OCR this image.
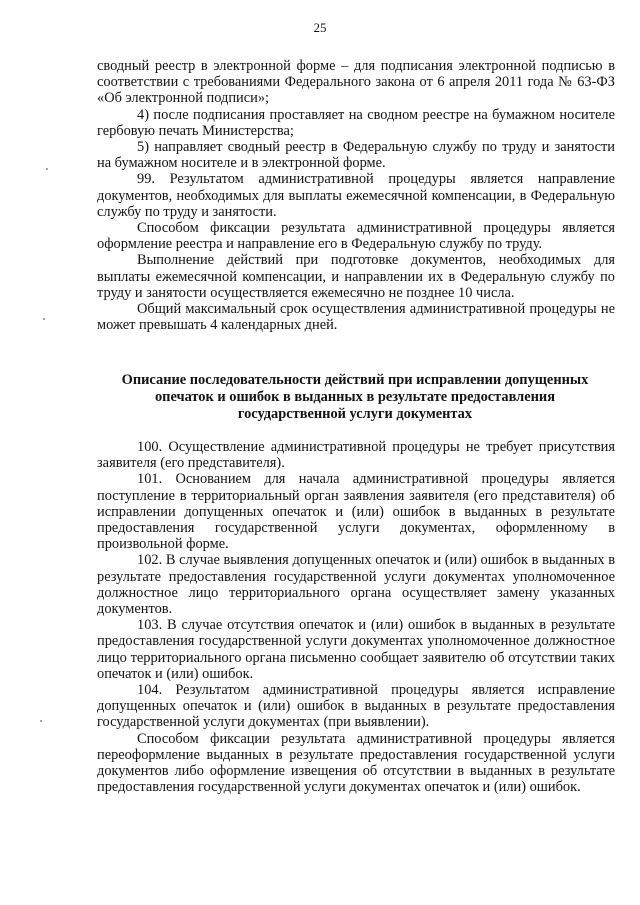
25

сводный реестр в электронной форме – для подписания электронной подписью в соответствии с требованиями Федерального закона от 6 апреля 2011 года № 63-ФЗ «Об электронной подписи»;

4) после подписания проставляет на сводном реестре на бумажном носителе гербовую печать Министерства;

5) направляет сводный реестр в Федеральную службу по труду и занятости на бумажном носителе и в электронной форме.

99. Результатом административной процедуры является направление документов, необходимых для выплаты ежемесячной компенсации, в Федеральную службу по труду и занятости.

Способом фиксации результата административной процедуры является оформление реестра и направление его в Федеральную службу по труду.

Выполнение действий при подготовке документов, необходимых для выплаты ежемесячной компенсации, и направлении их в Федеральную службу по труду и занятости осуществляется ежемесячно не позднее 10 числа.

Общий максимальный срок осуществления административной процедуры не может превышать 4 календарных дней.

Описание последовательности действий при исправлении допущенных опечаток и ошибок в выданных в результате предоставления государственной услуги документах

100. Осуществление административной процедуры не требует присутствия заявителя (его представителя).

101. Основанием для начала административной процедуры является поступление в территориальный орган заявления заявителя (его представителя) об исправлении допущенных опечаток и (или) ошибок в выданных в результате предоставления государственной услуги документах, оформленному в произвольной форме.

102. В случае выявления допущенных опечаток и (или) ошибок в выданных в результате предоставления государственной услуги документах уполномоченное должностное лицо территориального органа осуществляет замену указанных документов.

103. В случае отсутствия опечаток и (или) ошибок в выданных в результате предоставления государственной услуги документах уполномоченное должностное лицо территориального органа письменно сообщает заявителю об отсутствии таких опечаток и (или) ошибок.

104. Результатом административной процедуры является исправление допущенных опечаток и (или) ошибок в выданных в результате предоставления государственной услуги документах (при выявлении).

Способом фиксации результата административной процедуры является переоформление выданных в результате предоставления государственной услуги документов либо оформление извещения об отсутствии в выданных в результате предоставления государственной услуги документах опечаток и (или) ошибок.
